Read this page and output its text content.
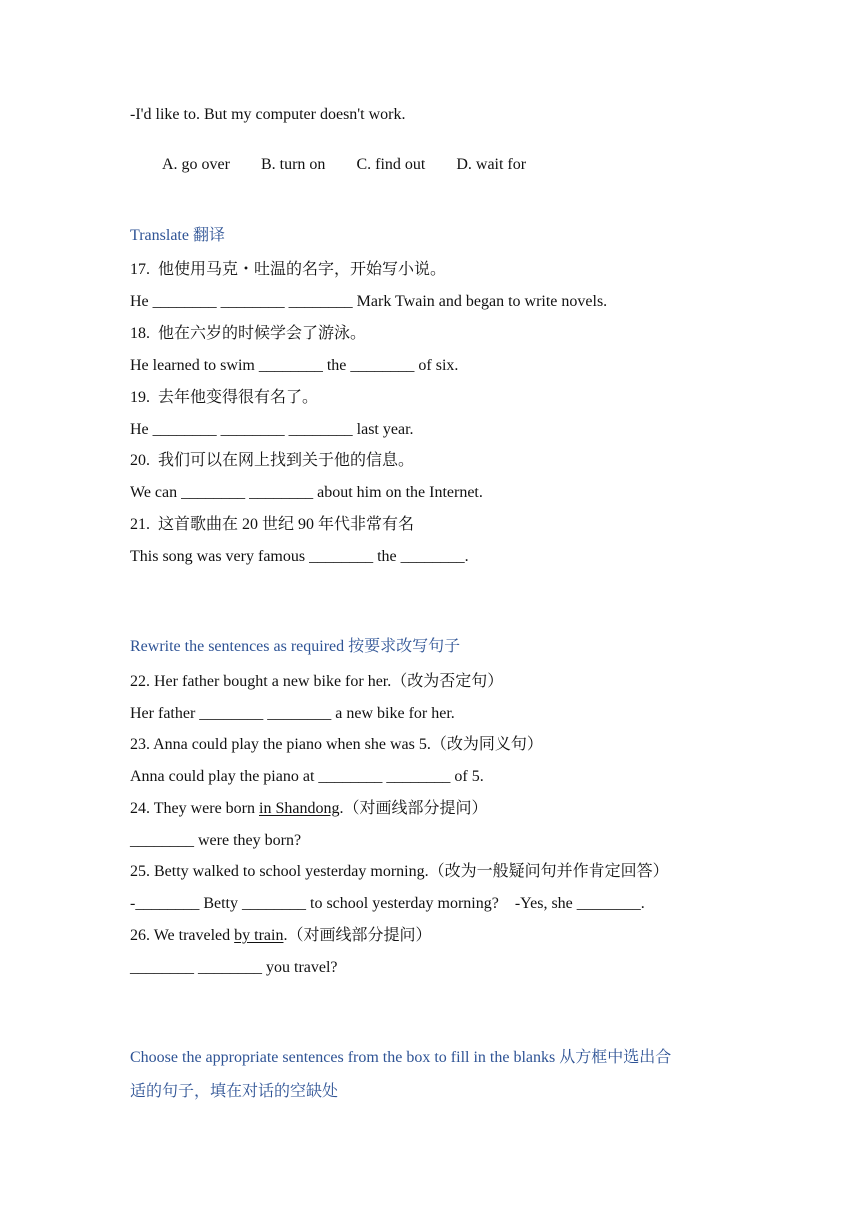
-I'd like to. But my computer doesn't work.

A. go over B. turn on C. find out D. wait for

Translate 翻译
17.  他使用马克・吐温的名字，开始写小说。
He ________ ________ ________ Mark Twain and began to write novels.
18.  他在六岁的时候学会了游泳。
He learned to swim ________ the ________ of six.
19.  去年他变得很有名了。
He ________ ________ ________ last year.
20.  我们可以在网上找到关于他的信息。
We can ________ ________ about him on the Internet.
21.  这首歌曲在 20 世纪 90 年代非常有名
This song was very famous ________ the ________.
Rewrite the sentences as required 按要求改写句子
22. Her father bought a new bike for her.（改为否定句）
Her father ________ ________ a new bike for her.
23. Anna could play the piano when she was 5.（改为同义句）
Anna could play the piano at ________ ________ of 5.
24. They were born in Shandong.（对画线部分提问）
________ were they born?
25. Betty walked to school yesterday morning.（改为一般疑问句并作肯定回答）
-________ Betty ________ to school yesterday morning?    -Yes, she ________.
26. We traveled by train.（对画线部分提问）
________ ________ you travel?
Choose the appropriate sentences from the box to fill in the blanks 从方框中选出合
适的句子，填在对话的空缺处
